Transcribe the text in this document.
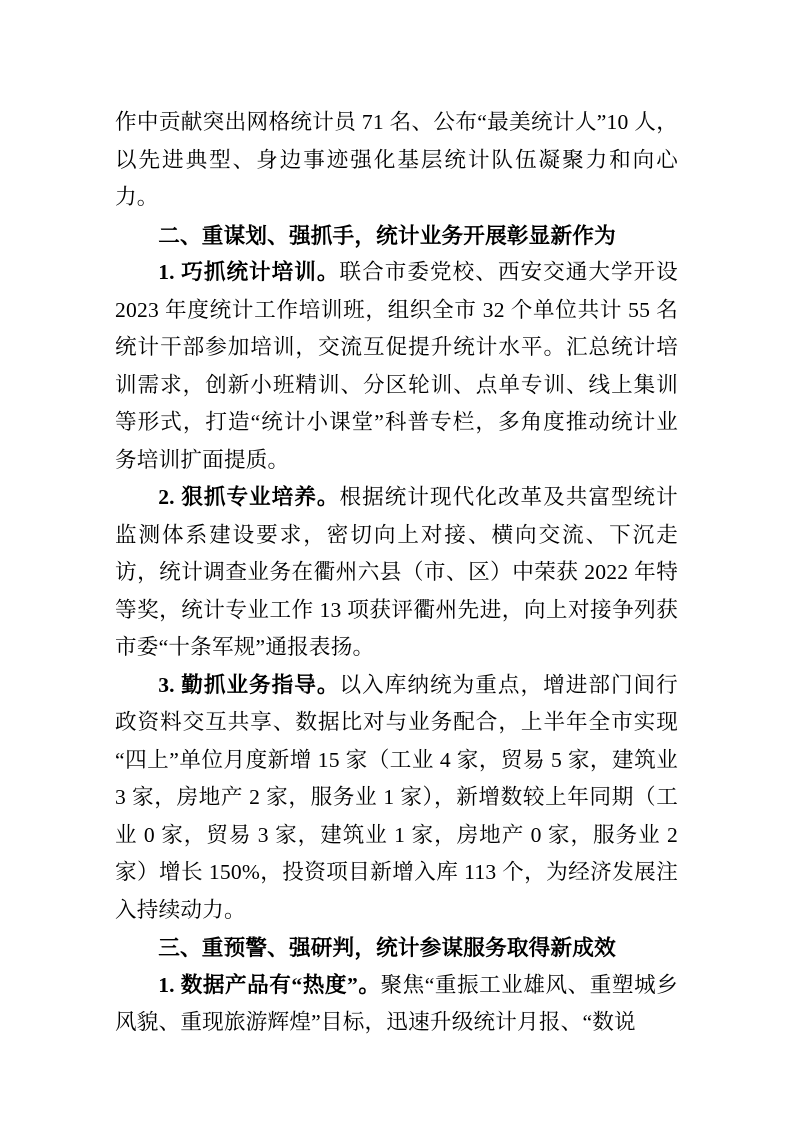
作中贡献突出网格统计员 71 名、公布“最美统计人”10 人，以先进典型、身边事迹强化基层统计队伍凝聚力和向心力。

二、重谋划、强抓手，统计业务开展彰显新作为

1. 巧抓统计培训。联合市委党校、西安交通大学开设 2023 年度统计工作培训班，组织全市 32 个单位共计 55 名统计干部参加培训，交流互促提升统计水平。汇总统计培训需求，创新小班精训、分区轮训、点单专训、线上集训等形式，打造“统计小课堂”科普专栏，多角度推动统计业务培训扩面提质。

2. 狠抓专业培养。根据统计现代化改革及共富型统计监测体系建设要求，密切向上对接、横向交流、下沉走访，统计调查业务在衢州六县（市、区）中荣获 2022 年特等奖，统计专业工作 13 项获评衢州先进，向上对接争列获市委“十条军规”通报表扬。

3. 勤抓业务指导。以入库纳统为重点，增进部门间行政资料交互共享、数据比对与业务配合，上半年全市实现“四上”单位月度新增 15 家（工业 4 家，贸易 5 家，建筑业 3 家，房地产 2 家，服务业 1 家），新增数较上年同期（工业 0 家，贸易 3 家，建筑业 1 家，房地产 0 家，服务业 2 家）增长 150%，投资项目新增入库 113 个，为经济发展注入持续动力。

三、重预警、强研判，统计参谋服务取得新成效

1. 数据产品有“热度”。聚焦“重振工业雄风、重塑城乡风貌、重现旅游辉煌”目标，迅速升级统计月报、“数说
